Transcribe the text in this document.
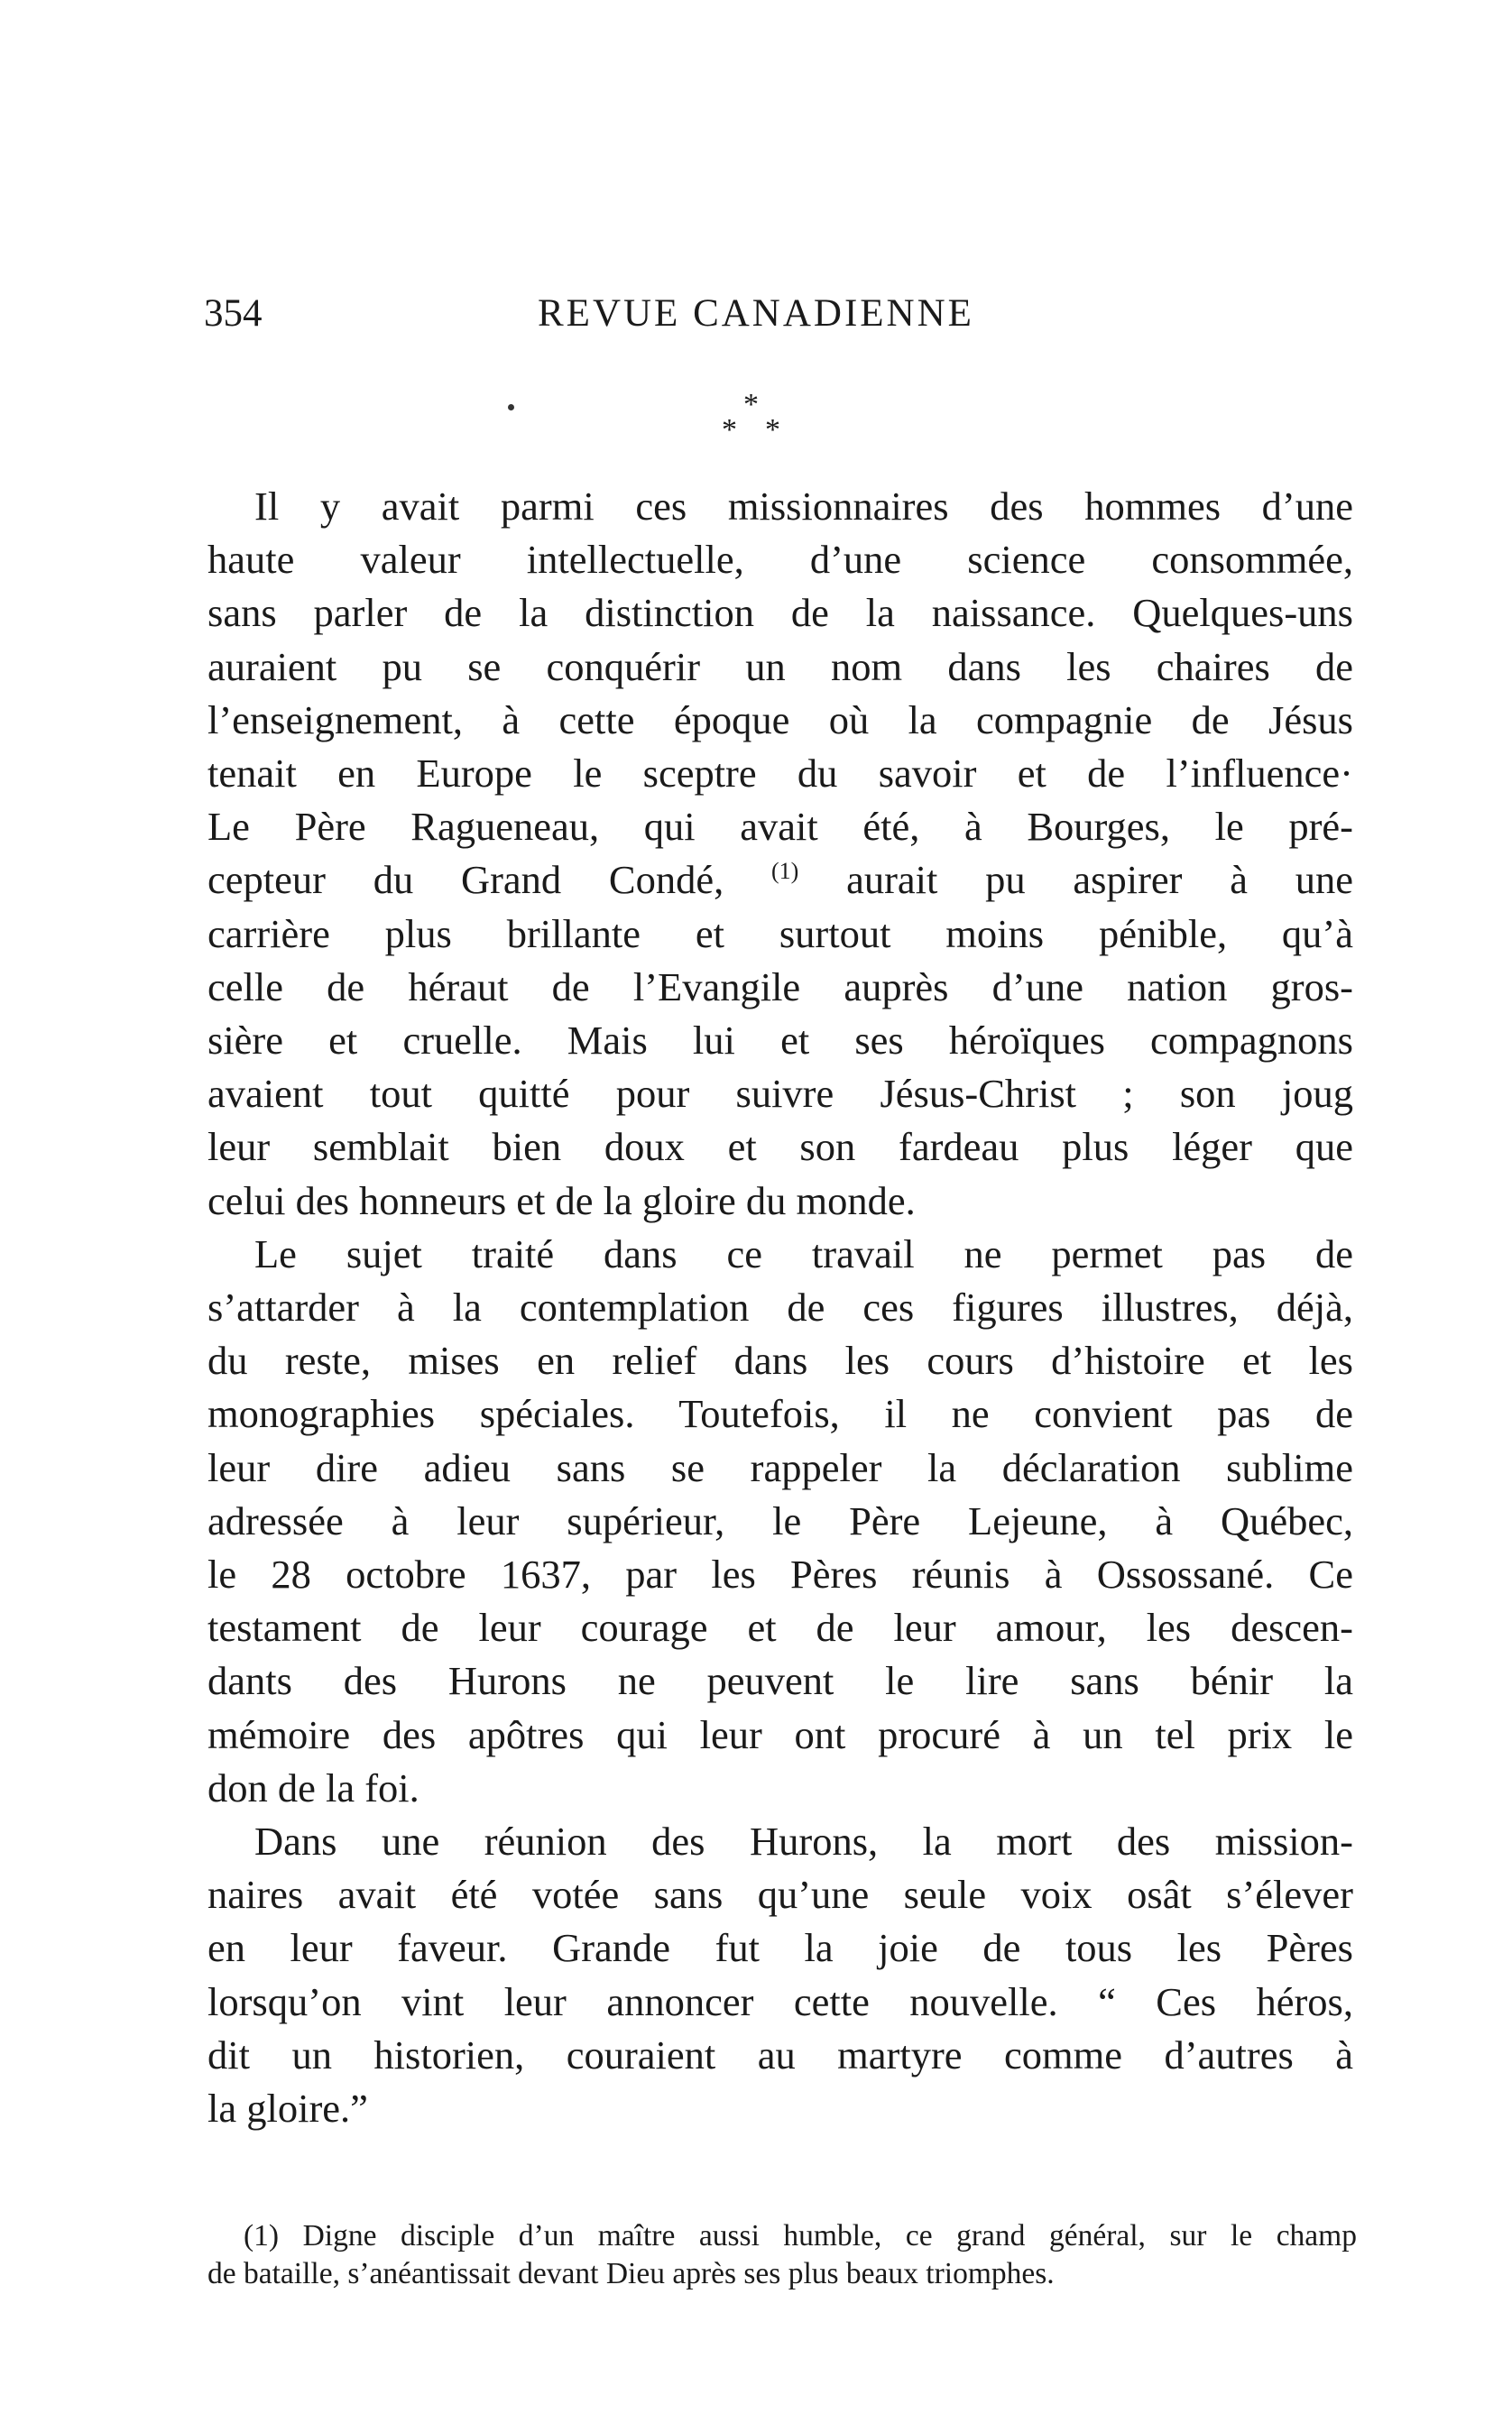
354	REVUE CANADIENNE
*
* *

Il y avait parmi ces missionnaires des hommes d’une
haute valeur intellectuelle, d’une science consommée,
sans parler de la distinction de la naissance. Quelques-uns
auraient pu se conquérir un nom dans les chaires de
l’enseignement, à cette époque où la compagnie de Jésus
tenait en Europe le sceptre du savoir et de l’influence·
Le Père Ragueneau, qui avait été, à Bourges, le pré-
cepteur du Grand Condé, $^{(1)}$ aurait pu aspirer à une
carrière plus brillante et surtout moins pénible, qu’à
celle de héraut de l’Evangile auprès d’une nation gros-
sière et cruelle. Mais lui et ses héroïques compagnons
avaient tout quitté pour suivre Jésus-Christ ; son joug
leur semblait bien doux et son fardeau plus léger que
celui des honneurs et de la gloire du monde.

Le sujet traité dans ce travail ne permet pas de
s’attarder à la contemplation de ces figures illustres, déjà,
du reste, mises en relief dans les cours d’histoire et les
monographies spéciales. Toutefois, il ne convient pas de
leur dire adieu sans se rappeler la déclaration sublime
adressée à leur supérieur, le Père Lejeune, à Québec,
le 28 octobre 1637, par les Pères réunis à Ossossané. Ce
testament de leur courage et de leur amour, les descen-
dants des Hurons ne peuvent le lire sans bénir la
mémoire des apôtres qui leur ont procuré à un tel prix le
don de la foi.

Dans une réunion des Hurons, la mort des mission-
naires avait été votée sans qu’une seule voix osât s’élever
en leur faveur. Grande fut la joie de tous les Pères
lorsqu’on vint leur annoncer cette nouvelle. “ Ces héros,
dit un historien, couraient au martyre comme d’autres à
la gloire.”

(1) Digne disciple d’un maître aussi humble, ce grand général, sur le champ
de bataille, s’anéantissait devant Dieu après ses plus beaux triomphes.
